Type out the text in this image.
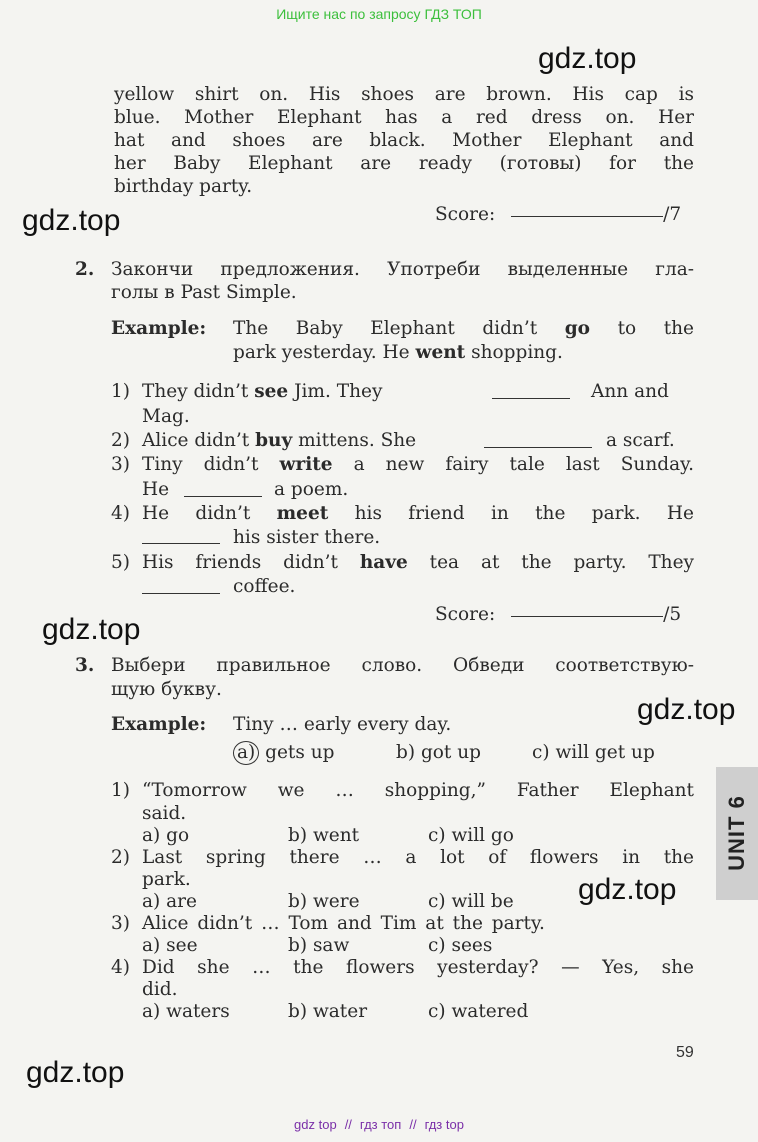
Ищите нас по запросу ГДЗ ТОП
gdz.top
gdz.top
gdz.top
gdz.top
gdz.top
gdz.top
yellow shirt on. His shoes are brown. His cap is
blue. Mother Elephant has a red dress on. Her
hat and shoes are black. Mother Elephant and
her Baby Elephant are ready (готовы) for the
birthday party.
Score:	/7
2. Закончи предложения. Употреби выделенные гла-
голы в Past Simple.
Example: The Baby Elephant didn’t go to the
park yesterday. He went shopping.
1) They didn’t see Jim. They	Ann and
Mag.
2) Alice didn’t buy mittens. She	a scarf.
3) Tiny didn’t write a new fairy tale last Sunday.
He	a poem.
4) He didn’t meet his friend in the park. He
his sister there.
5) His friends didn’t have tea at the party. They
coffee.
Score:	/5
3. Выбери правильное слово. Обведи соответствую-
щую букву.
Example: Tiny … early every day.
a) gets up	b) got up	c) will get up
1) “Tomorrow we … shopping,” Father Elephant
said.
a) go	b) went	c) will go
2) Last spring there … a lot of flowers in the
park.
a) are	b) were	c) will be
3) Alice didn’t … Tom and Tim at the party.
a) see	b) saw	c) sees
4) Did she … the flowers yesterday? — Yes, she
did.
a) waters	b) water	c) watered
UNIT 6
59
gdz top // гдз топ // гдз top
